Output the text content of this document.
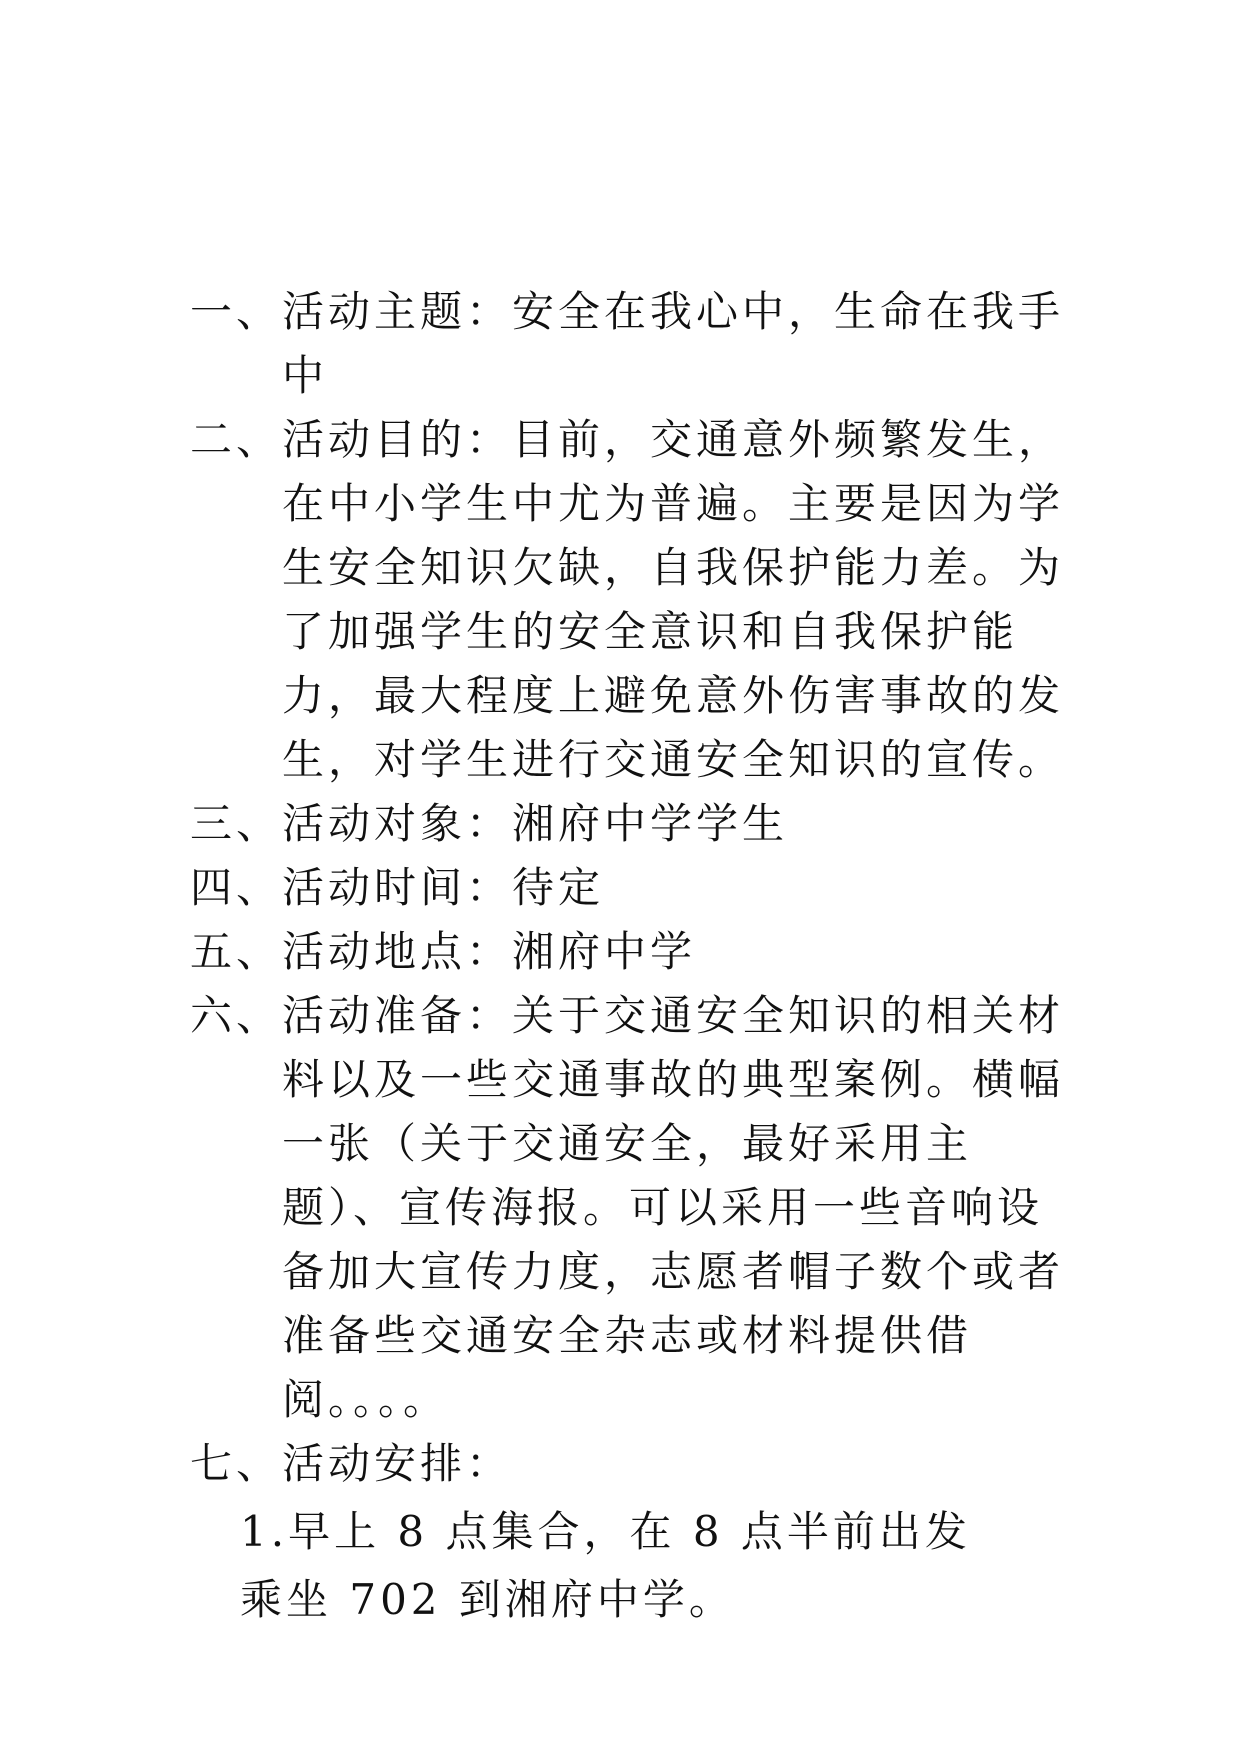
一、 活动主题：安全在我心中，生命在我手中
二、 活动目的：目前，交通意外频繁发生，在中小学生中尤为普遍。主要是因为学生安全知识欠缺，自我保护能力差。为了加强学生的安全意识和自我保护能力，最大程度上避免意外伤害事故的发生，对学生进行交通安全知识的宣传。
三、 活动对象：湘府中学学生
四、 活动时间：待定
五、 活动地点：湘府中学
六、 活动准备：关于交通安全知识的相关材料以及一些交通事故的典型案例。横幅一张（关于交通安全，最好采用主题）、宣传海报。可以采用一些音响设备加大宣传力度，志愿者帽子数个或者准备些交通安全杂志或材料提供借阅。。。。
七、 活动安排：
1.早上 8 点集合，在 8 点半前出发
乘坐 702 到湘府中学。
